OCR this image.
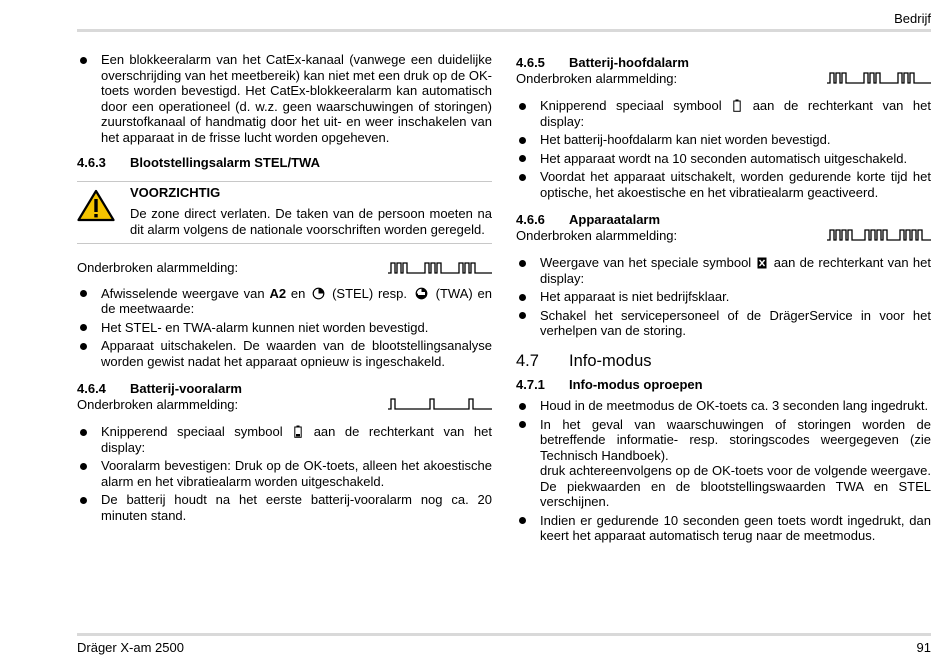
Bedrijf
Een blokkeeralarm van het CatEx-kanaal (vanwege een duidelijke overschrijding van het meetbereik) kan niet met een druk op de OK-toets worden bevestigd. Het CatEx-blokkeeralarm kan automatisch door een operationeel (d. w.z. geen waarschuwingen of storingen) zuurstofkanaal of handmatig door het uit- en weer inschakelen van het apparaat in de frisse lucht worden opgeheven.
4.6.3	Blootstellingsalarm STEL/TWA
VOORZICHTIG
De zone direct verlaten. De taken van de persoon moeten na dit alarm volgens de nationale voorschriften worden geregeld.
Onderbroken alarmmelding:
Afwisselende weergave van A2 en (STEL) resp. (TWA) en de meetwaarde:
Het STEL- en TWA-alarm kunnen niet worden bevestigd.
Apparaat uitschakelen. De waarden van de blootstellingsanalyse worden gewist nadat het apparaat opnieuw is ingeschakeld.
4.6.4	Batterij-vooralarm
Onderbroken alarmmelding:
Knipperend speciaal symbool aan de rechterkant van het display:
Vooralarm bevestigen: Druk op de OK-toets, alleen het akoestische alarm en het vibratiealarm worden uitgeschakeld.
De batterij houdt na het eerste batterij-vooralarm nog ca. 20 minuten stand.
4.6.5	Batterij-hoofdalarm
Onderbroken alarmmelding:
Knipperend speciaal symbool aan de rechterkant van het display:
Het batterij-hoofdalarm kan niet worden bevestigd.
Het apparaat wordt na 10 seconden automatisch uitgeschakeld.
Voordat het apparaat uitschakelt, worden gedurende korte tijd het optische, het akoestische en het vibratiealarm geactiveerd.
4.6.6	Apparaatalarm
Onderbroken alarmmelding:
Weergave van het speciale symbool aan de rechterkant van het display:
Het apparaat is niet bedrijfsklaar.
Schakel het servicepersoneel of de DrägerService in voor het verhelpen van de storing.
4.7	Info-modus
4.7.1	Info-modus oproepen
Houd in de meetmodus de OK-toets ca. 3 seconden lang ingedrukt.
In het geval van waarschuwingen of storingen worden de betreffende informatie- resp. storingscodes weergegeven (zie Technisch Handboek).
druk achtereenvolgens op de OK-toets voor de volgende weergave. De piekwaarden en de blootstellingswaarden TWA en STEL verschijnen.
Indien er gedurende 10 seconden geen toets wordt ingedrukt, dan keert het apparaat automatisch terug naar de meetmodus.
Dräger X-am 2500	91
